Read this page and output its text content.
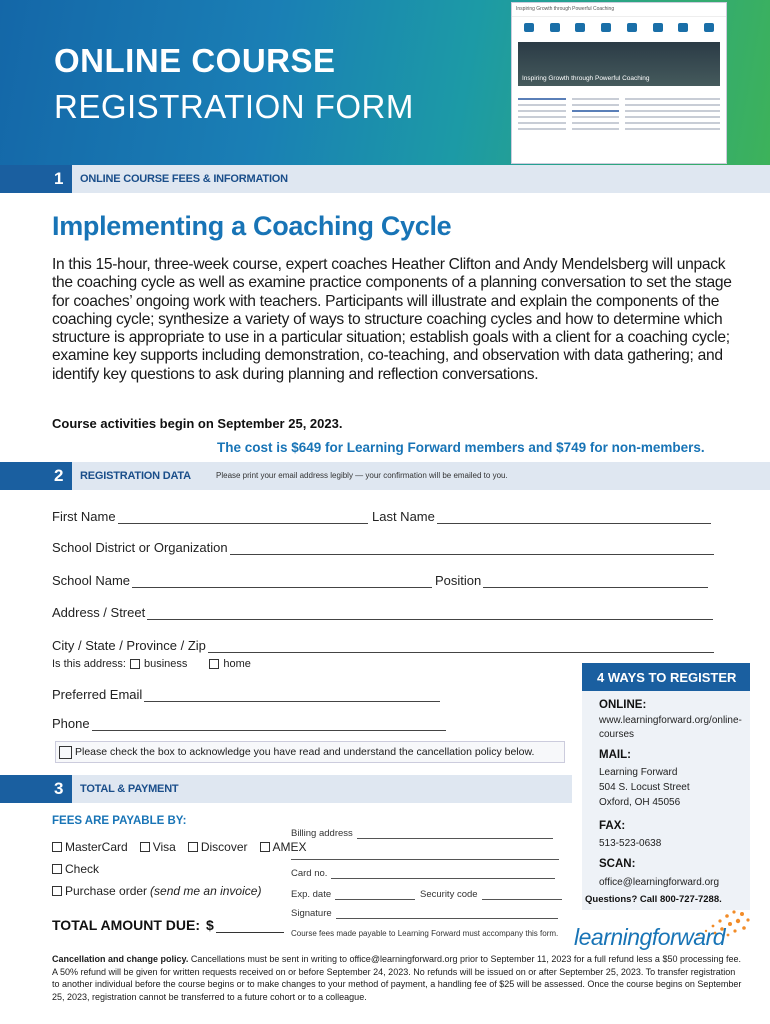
ONLINE COURSE
REGISTRATION FORM
Inspiring Growth through Powerful Coaching
Inspiring Growth through Powerful Coaching
1	ONLINE COURSE FEES & INFORMATION
Implementing a Coaching Cycle
In this 15-hour, three-week course, expert coaches Heather Clifton and Andy Mendelsberg will unpack the coaching cycle as well as examine practice components of a planning conversation to set the stage for coaches’ ongoing work with teachers. Participants will illustrate and explain the components of the coaching cycle; synthesize a variety of ways to structure coaching cycles and how to determine which structure is appropriate to use in a particular situation; establish goals with a client for a coaching cycle; examine key supports including demonstration, co-teaching, and observation with data gathering; and identify key questions to ask during planning and reflection conversations.
Course activities begin on September 25, 2023.
The cost is $649 for Learning Forward members and $749 for non-members.
2	REGISTRATION DATA	Please print your email address legibly — your confirmation will be emailed to you.
First Name	Last Name
School District or Organization
School Name	Position
Address / Street
City / State / Province / Zip
Is this address: business	home
Preferred Email
Phone
Please check the box to acknowledge you have read and understand the cancellation policy below.
4 WAYS TO REGISTER
ONLINE:
www.learningforward.org/online-
courses
MAIL:
Learning Forward
504 S. Locust Street
Oxford, OH 45056
FAX:
513-523-0638
SCAN:
office@learningforward.org
Questions? Call 800-727-7288.
3	TOTAL & PAYMENT
FEES ARE PAYABLE BY:
MasterCard Visa Discover AMEX
Check
Purchase order (send me an invoice)
TOTAL AMOUNT DUE: $
Billing address
Card no.
Exp. date	Security code
Signature
Course fees made payable to Learning Forward must accompany this form. learningforward
Cancellation and change policy. Cancellations must be sent in writing to office@learningforward.org prior to September 11, 2023 for a full refund less a $50 processing fee. A 50% refund will be given for written requests received on or before September 24, 2023. No refunds will be issued on or after September 25, 2023. To transfer registration to another individual before the course begins or to make changes to your method of payment, a handling fee of $25 will be assessed. Once the course begins on September 25, 2023, registration cannot be transferred to a future cohort or to a colleague.
